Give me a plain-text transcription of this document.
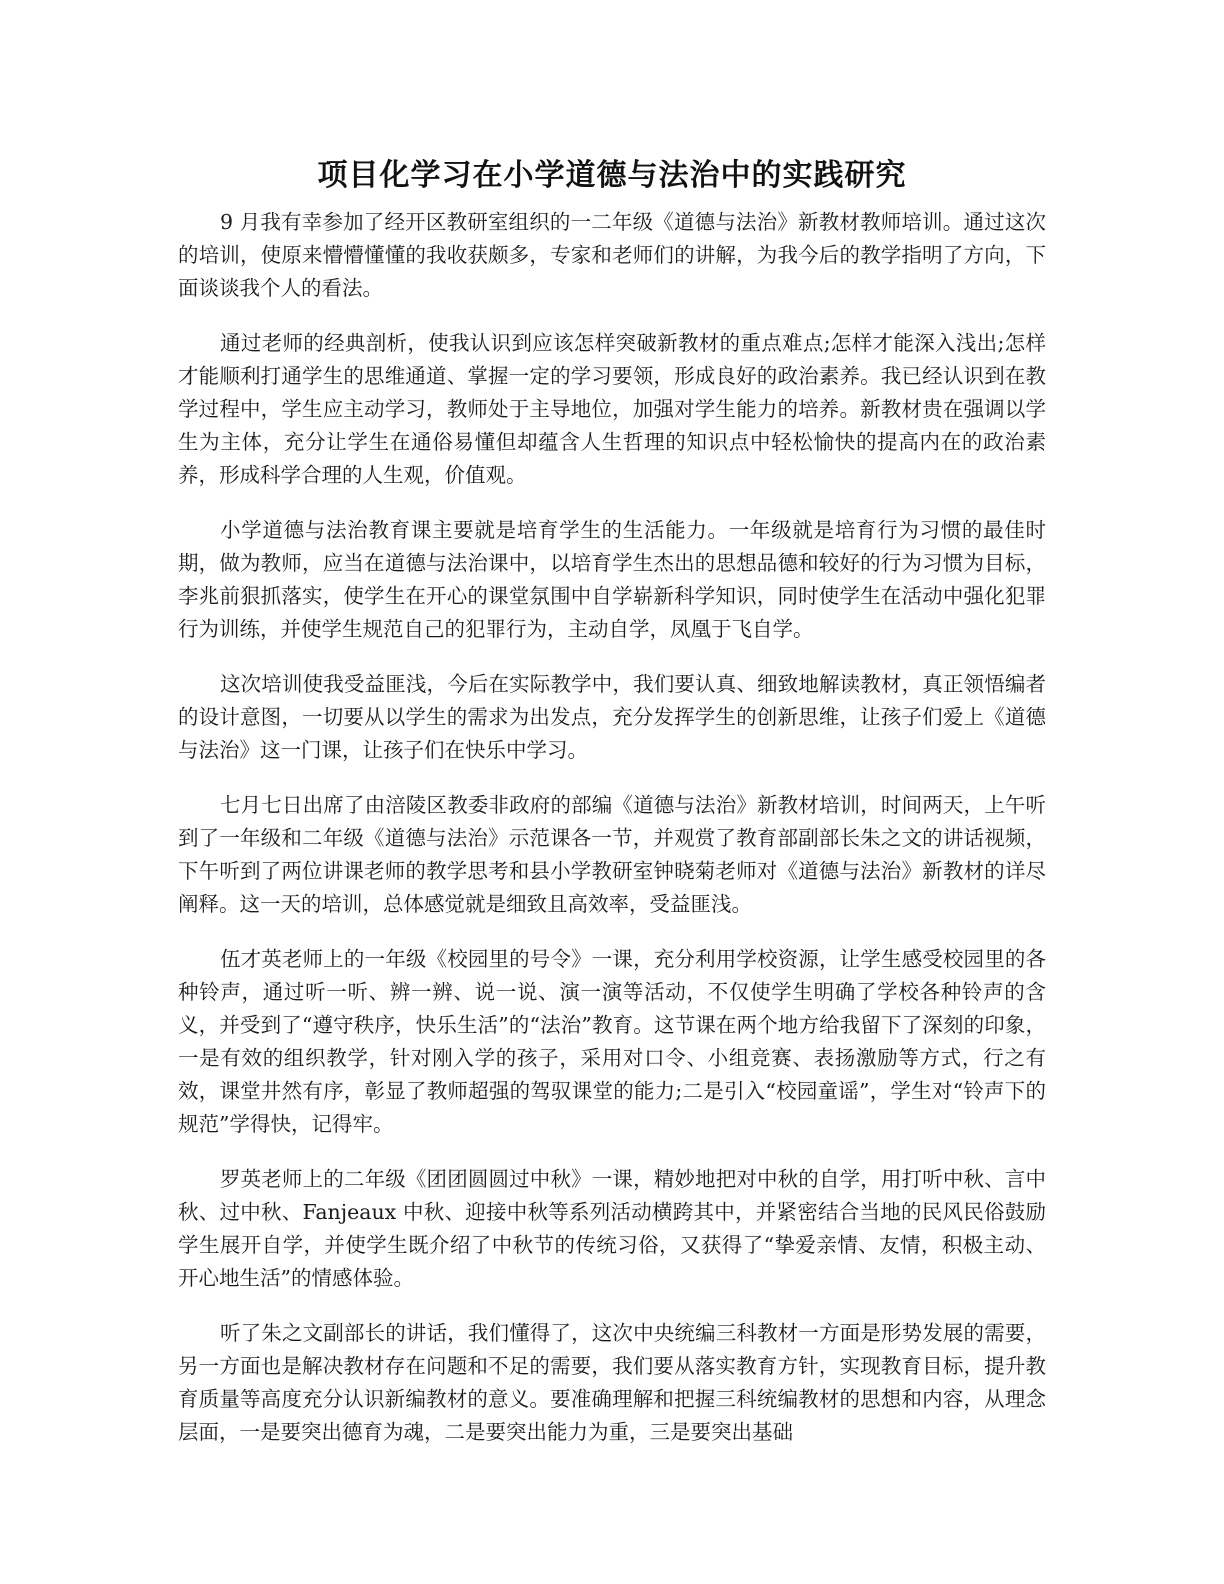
项目化学习在小学道德与法治中的实践研究

9 月我有幸参加了经开区教研室组织的一二年级《道德与法治》新教材教师培训。通过这次的培训，使原来懵懵懂懂的我收获颇多，专家和老师们的讲解，为我今后的教学指明了方向，下面谈谈我个人的看法。

通过老师的经典剖析，使我认识到应该怎样突破新教材的重点难点;怎样才能深入浅出;怎样才能顺利打通学生的思维通道、掌握一定的学习要领，形成良好的政治素养。我已经认识到在教学过程中，学生应主动学习，教师处于主导地位，加强对学生能力的培养。新教材贵在强调以学生为主体，充分让学生在通俗易懂但却蕴含人生哲理的知识点中轻松愉快的提高内在的政治素养，形成科学合理的人生观，价值观。

小学道德与法治教育课主要就是培育学生的生活能力。一年级就是培育行为习惯的最佳时期，做为教师，应当在道德与法治课中，以培育学生杰出的思想品德和较好的行为习惯为目标，李兆前狠抓落实，使学生在开心的课堂氛围中自学崭新科学知识，同时使学生在活动中强化犯罪行为训练，并使学生规范自己的犯罪行为，主动自学，凤凰于飞自学。

这次培训使我受益匪浅，今后在实际教学中，我们要认真、细致地解读教材，真正领悟编者的设计意图，一切要从以学生的需求为出发点，充分发挥学生的创新思维，让孩子们爱上《道德与法治》这一门课，让孩子们在快乐中学习。

七月七日出席了由涪陵区教委非政府的部编《道德与法治》新教材培训，时间两天，上午听到了一年级和二年级《道德与法治》示范课各一节，并观赏了教育部副部长朱之文的讲话视频，下午听到了两位讲课老师的教学思考和县小学教研室钟晓菊老师对《道德与法治》新教材的详尽阐释。这一天的培训，总体感觉就是细致且高效率，受益匪浅。

伍才英老师上的一年级《校园里的号令》一课，充分利用学校资源，让学生感受校园里的各种铃声，通过听一听、辨一辨、说一说、演一演等活动，不仅使学生明确了学校各种铃声的含义，并受到了“遵守秩序，快乐生活”的“法治”教育。这节课在两个地方给我留下了深刻的印象，一是有效的组织教学，针对刚入学的孩子，采用对口令、小组竞赛、表扬激励等方式，行之有效，课堂井然有序，彰显了教师超强的驾驭课堂的能力;二是引入“校园童谣”，学生对“铃声下的规范”学得快，记得牢。

罗英老师上的二年级《团团圆圆过中秋》一课，精妙地把对中秋的自学，用打听中秋、言中秋、过中秋、Fanjeaux 中秋、迎接中秋等系列活动横跨其中，并紧密结合当地的民风民俗鼓励学生展开自学，并使学生既介绍了中秋节的传统习俗，又获得了“挚爱亲情、友情，积极主动、开心地生活”的情感体验。

听了朱之文副部长的讲话，我们懂得了，这次中央统编三科教材一方面是形势发展的需要，另一方面也是解决教材存在问题和不足的需要，我们要从落实教育方针，实现教育目标，提升教育质量等高度充分认识新编教材的意义。要准确理解和把握三科统编教材的思想和内容，从理念层面，一是要突出德育为魂，二是要突出能力为重，三是要突出基础
